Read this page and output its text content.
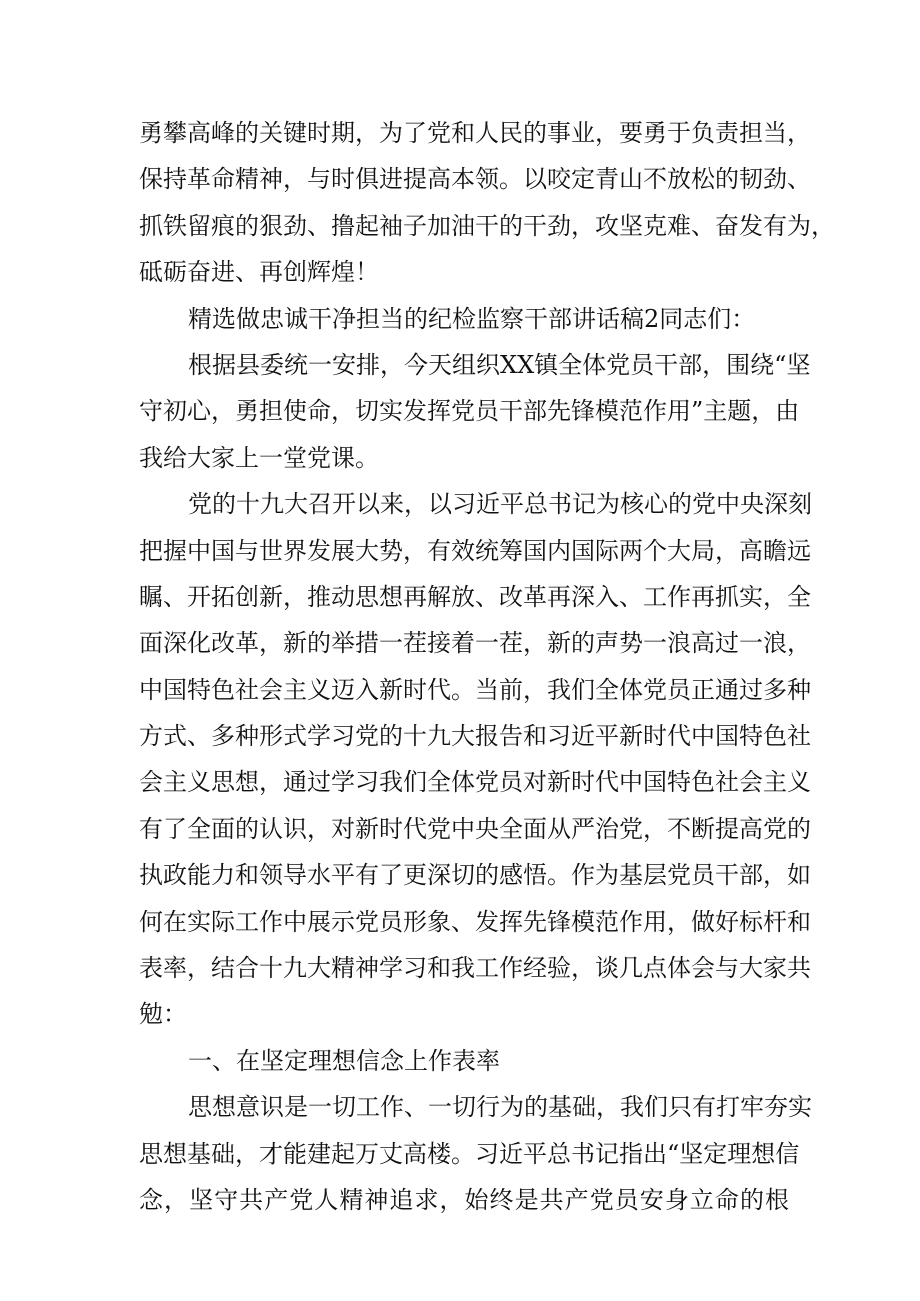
勇攀高峰的关键时期，为了党和人民的事业，要勇于负责担当，
保持革命精神，与时俱进提高本领。以咬定青山不放松的韧劲、
抓铁留痕的狠劲、撸起袖子加油干的干劲，攻坚克难、奋发有为，
砥砺奋进、再创辉煌！
精选做忠诚干净担当的纪检监察干部讲话稿2同志们：
根据县委统一安排，今天组织XX镇全体党员干部，围绕“坚
守初心，勇担使命，切实发挥党员干部先锋模范作用”主题，由
我给大家上一堂党课。
党的十九大召开以来，以习近平总书记为核心的党中央深刻
把握中国与世界发展大势，有效统筹国内国际两个大局，高瞻远
瞩、开拓创新，推动思想再解放、改革再深入、工作再抓实，全
面深化改革，新的举措一茬接着一茬，新的声势一浪高过一浪，
中国特色社会主义迈入新时代。当前，我们全体党员正通过多种
方式、多种形式学习党的十九大报告和习近平新时代中国特色社
会主义思想，通过学习我们全体党员对新时代中国特色社会主义
有了全面的认识，对新时代党中央全面从严治党，不断提高党的
执政能力和领导水平有了更深切的感悟。作为基层党员干部，如
何在实际工作中展示党员形象、发挥先锋模范作用，做好标杆和
表率，结合十九大精神学习和我工作经验，谈几点体会与大家共
勉：
一、在坚定理想信念上作表率
思想意识是一切工作、一切行为的基础，我们只有打牢夯实
思想基础，才能建起万丈高楼。习近平总书记指出“坚定理想信
念，坚守共产党人精神追求，始终是共产党员安身立命的根
